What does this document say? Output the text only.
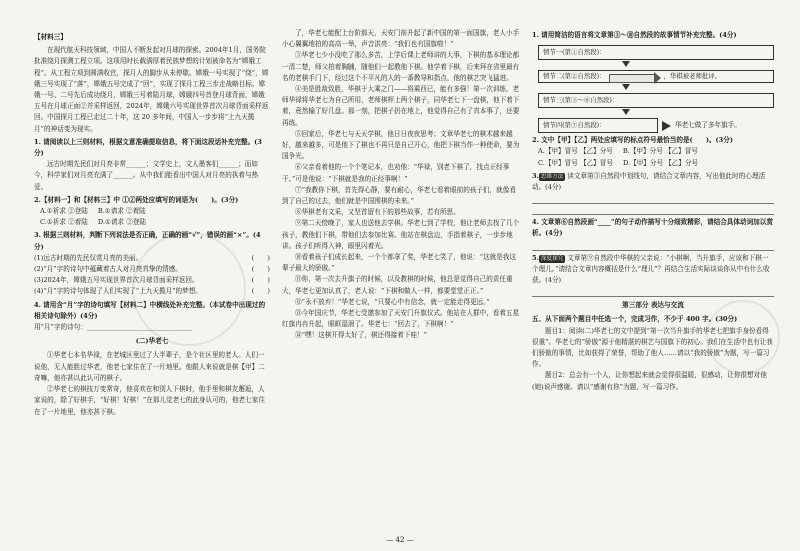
【材料三】

在现代航天科技领域，中国人不断发起对月球的探索。2004年1月，国务院批准绕月探测工程立项。这项用时长载满厚着民族梦想的计划被命名为“嫦娥工程”。从工程立项到圆满收官，探月人的脚步从未停歇。嫦娥一号实现了“绕”，嫦娥三号实现了“落”，嫦娥五号完成了“回”，实现了探月工程三步走战略目标。嫦娥一号、二号先后成功绕月，嫦娥三号着陆月球，嫦娥四号首登月球背面，嫦娥五号在月球正面②并采样返回，2024年，嫦娥六号实现世界首次月球背面采样返回。中国探月工程已走过二十年，这 20 多年间，中国人一步步将“上九天揽月”的神话变为现实。

1. 请阅读以上三则材料，根据文意准确提取信息，将下面这段话补充完整。(3分)

远古时期先民们对月亮非常______；文学史上，文人墨客们______；而如今，科学家们对月亮充满了______。从中我们能看出中国人对月亮的执着与热爱。

2.【材料一】和【材料三】中 ①②两处应填写的词语为(　　)。(3分)

A.①祈求 ②登陆 B.①请求 ②着陆
C.①祈求 ②着陆 D.①请求 ②登陆

3. 根据三则材料，判断下列说法是否正确，正确的画“√”，错误的画“×”。(4分)

(1)远古时期的先民仅赏月亮的美丽。	(　　)

(2)“月”字的诗句中蕴藏着古人对月亮真挚的情感。	(　　)

(3)2024年，嫦娥五号实现世界首次月球背面采样返回。	(　　)

(4)“月”字的诗句体现了人们实现了“上九天揽月”的梦想。	(　　)

4. 请用含“月”字的诗句填写【材料二】中横线处补充完整。（本试卷中出现过的相关诗句除外）(4分)

用“月”字的诗句：________________________________

(二)华老七

①华老七本名华禄，在老城区里过了大半辈子，是个社区里的老人。人们一说他，无人能胜过华老，他老七家住在了一片地里。他跟人来说就是棋【甲】二奇嘛，他亦甚以此认可的棋子。

②华老七的棋技万变常奇，他喜欢在和别人下棋时，他手里和棋友邂逅，人家说的，除了好棋手，“好棋！好棋！”在那儿觉老七的此身认可的，他老七家住在了一片地里，他亦甚下棋。

了，华老七能配上台阶那天，天安门前升起了新中国的第一面国旗，老人小手小心翼翼地拍的高高一举，声音洪亮：“我们也有国旗啦！”

③华老七少小没吃了那么多苦，上学后课上老师讲的大事，下棋的基本理论都一清二楚，师父拍着胸脯，随他们一起教他下棋。他学着下棋，后来拜在省里最有名的老棋手门下，经过这个不平凡的人的一番教导和指点，他的棋艺突飞猛进。

④美是胜敌致胜，华棋于大乘之门——将乘西已，能有多强！第一次训练，老师华禄将华老七为自己所用，老师棋枰上两个棋子，同华老七下一盘棋，他下着下着，竟然输了好几盘。那一刻，把棋子扔在地上，他觉得自己有了真本事了，还要再练。

⑤回家后，华老七与天天学棋，他日日夜夜思考；文章华老七的棋术越来越好，越来越多，可是他下了棋也不再只是自己开心，他把下棋当作一种使命，要为国争光。

⑥父亲看着他的一个个笔记本，也劝他：“华禄，别老下棋了，找点正经事干。”可是他说：“下棋就是我的正经事啊！”

⑦“我教你下棋，首先得心静，要有耐心，华老七看着眼前的孩子们，就像看到了自己的过去，他们就是中国围棋的未来。”

⑧华棋老有文采，又坚首留有下的那些故事，若有所思。

⑨第二天傍晚了，家人也送他去学棋。华老七到了学校，他让老师去找了几个孩子，教他们下棋，带他们去参加比赛。他站在棋盘边，手指着棋子，一步步地讲。孩子们听得入神，眼里闪着光。

⑩看着孩子们成长起来，一个个都拿了奖，华老七笑了，他说：“这就是我这辈子最大的骄傲。”

⑪你，第一次去升旗子的时候，以及教棋的时候，他总是觉得自己的责任重大，华老七更加认真了，老人说：“下棋和做人一样，都要堂堂正正。”

⑫“永不放弃！”华老七说，“只要心中有信念，就一定能走得更远。”

⑬今年国庆节，华老七受邀参加了天安门升旗仪式。他站在人群中，看着五星红旗冉冉升起，眼眶湿润了。华老七：“回去了，下棋啊！”

⑭“嘿！这棋开得太好了，棋还得接着下哇！”

1. 请用简洁的语言将文章第③～⑩自然段的故事情节补充完整。(4分)

情节一(第①自然段)：
情节二(第②自然段)：	，华棋被老师批评。
情节三(第③～⑥自然段)：
情节四(第⑦自然段)：	华老七做了多年旗手。

2. 文中【甲】【乙】两处应填写的标点符号最恰当的是(　　)。(3分)

A.【甲】冒号 【乙】分号 B.【甲】分号 【乙】冒号
C.【甲】冒号 【乙】冒号 D.【甲】分号 【乙】分号

3. 思维方法 读文章第③自然段中划线句，请结合文章内容，写出他此时的心理活动。(4分)

4. 文章第⑥自然段画“____”的句子动作描写十分细致精彩，请结合具体动词加以赏析。(4分)

5. 深度探究 文章第⑨自然段中华棋的父亲说：“小棋啊，当升旗手，应该和下棋一个理儿。”请结合文章内容概括是什么“理儿”？再结合生活实际谈谈你从中有什么收获。(4分)

第三部分 表达与交流

五、从下面两个题目中任选一个，完成习作，不少于 400 字。(30分)

题目1：阅读(二)华老七的文中提到“第一次当升旗手的华老七把旗手身份看得很重”。华老七的“骄傲”源于他精湛的棋艺与国旗下的初心。我们在生活中也有让我们骄傲的事情，比如获得了荣誉，帮助了他人……请以“我的骄傲”为题，写一篇习作。

题目2：总会有一个人，让你想起来就会觉得很温暖，很感动，让你很想对他(她)说声感谢。请以“感谢有你”为题，写一篇习作。

— 42 —
